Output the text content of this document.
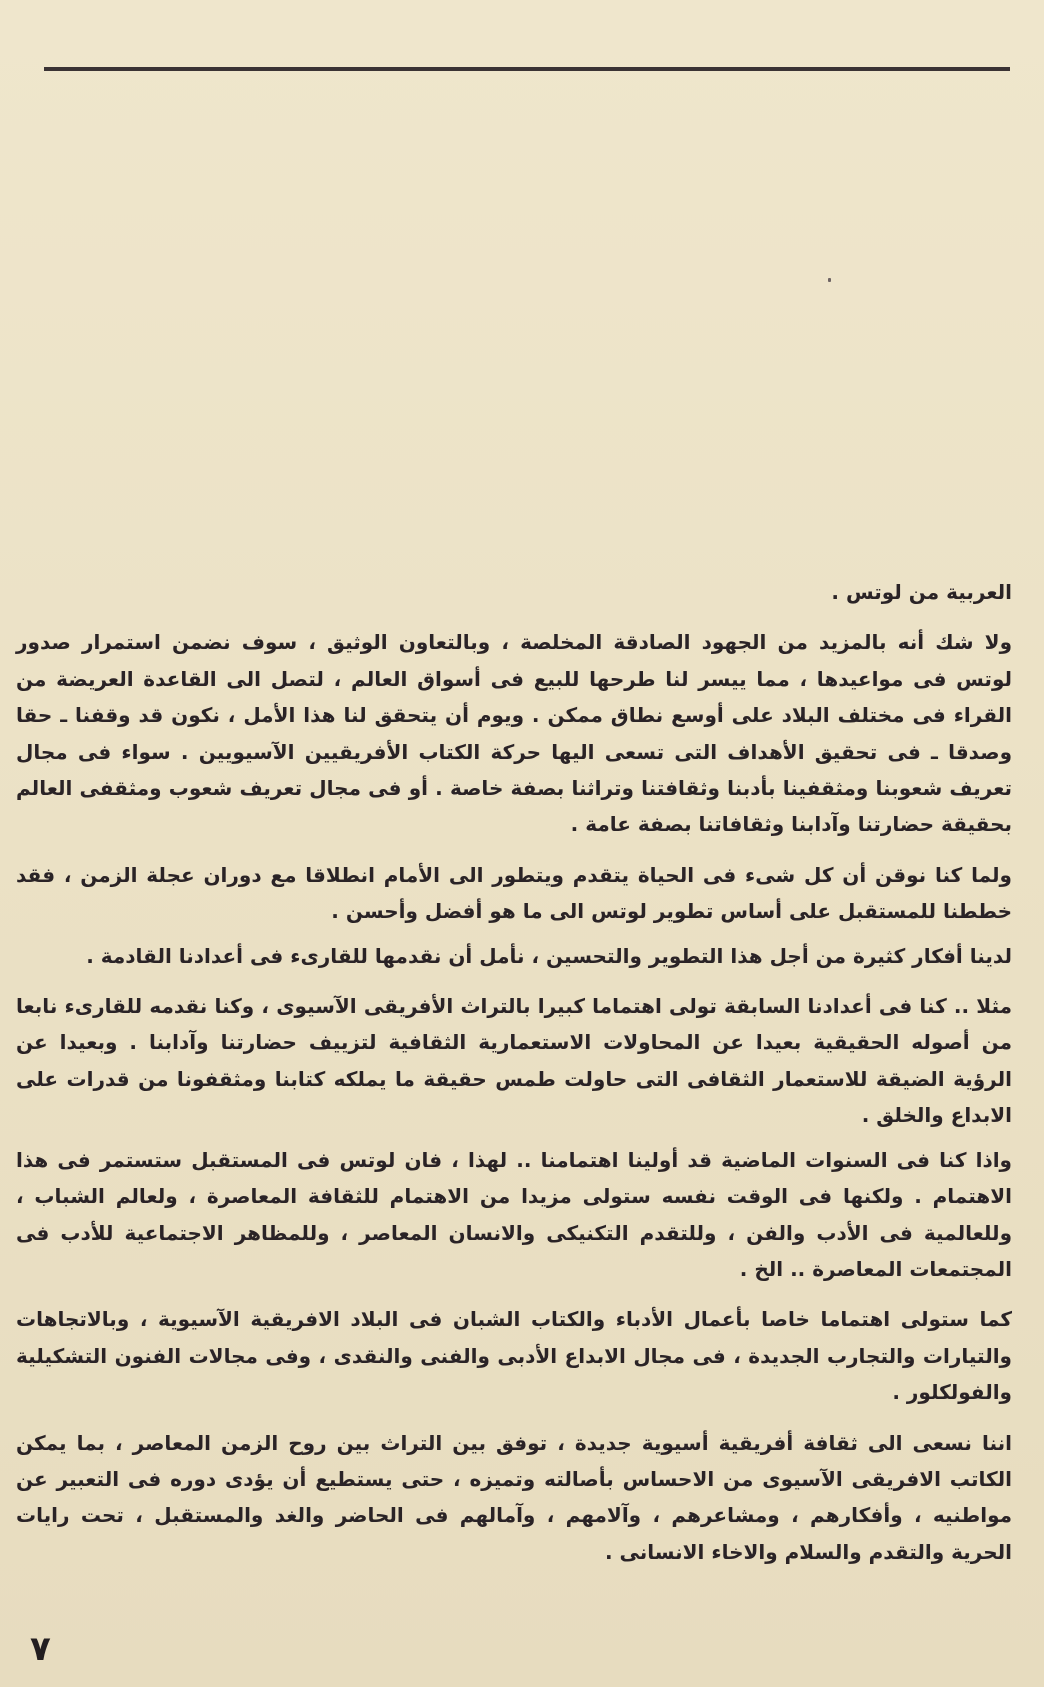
العربية من لوتس .

ولا شك أنه بالمزيد من الجهود الصادقة المخلصة ، وبالتعاون الوثيق ، سوف نضمن استمرار صدور لوتس فى مواعيدها ، مما ييسر لنا طرحها للبيع فى أسواق العالم ، لتصل الى القاعدة العريضة من القراء فى مختلف البلاد على أوسع نطاق ممكن . ويوم أن يتحقق لنا هذا الأمل ، نكون قد وقفنا ـ حقا وصدقا ـ فى تحقيق الأهداف التى تسعى اليها حركة الكتاب الأفريقيين الآسيويين . سواء فى مجال تعريف شعوبنا ومثقفينا بأدبنا وثقافتنا وتراثنا بصفة خاصة . أو فى مجال تعريف شعوب ومثقفى العالم بحقيقة حضارتنا وآدابنا وثقافاتنا بصفة عامة .

ولما كنا نوقن أن كل شىء فى الحياة يتقدم ويتطور الى الأمام انطلاقا مع دوران عجلة الزمن ، فقد خططنا للمستقبل على أساس تطوير لوتس الى ما هو أفضل وأحسن .

لدينا أفكار كثيرة من أجل هذا التطوير والتحسين ، نأمل أن نقدمها للقارىء فى أعدادنا القادمة .

مثلا .. كنا فى أعدادنا السابقة تولى اهتماما كبيرا بالتراث الأفريقى الآسيوى ، وكنا نقدمه للقارىء نابعا من أصوله الحقيقية بعيدا عن المحاولات الاستعمارية الثقافية لتزييف حضارتنا وآدابنا . وبعيدا عن الرؤية الضيقة للاستعمار الثقافى التى حاولت طمس حقيقة ما يملكه كتابنا ومثقفونا من قدرات على الابداع والخلق .

واذا كنا فى السنوات الماضية قد أولينا اهتمامنا .. لهذا ، فان لوتس فى المستقبل ستستمر فى هذا الاهتمام . ولكنها فى الوقت نفسه ستولى مزيدا من الاهتمام للثقافة المعاصرة ، ولعالم الشباب ، وللعالمية فى الأدب والفن ، وللتقدم التكنيكى والانسان المعاصر ، وللمظاهر الاجتماعية للأدب فى المجتمعات المعاصرة .. الخ .

كما ستولى اهتماما خاصا بأعمال الأدباء والكتاب الشبان فى البلاد الافريقية الآسيوية ، وبالاتجاهات والتيارات والتجارب الجديدة ، فى مجال الابداع الأدبى والفنى والنقدى ، وفى مجالات الفنون التشكيلية والفولكلور .

اننا نسعى الى ثقافة أفريقية أسيوية جديدة ، توفق بين التراث بين روح الزمن المعاصر ، بما يمكن الكاتب الافريقى الآسيوى من الاحساس بأصالته وتميزه ، حتى يستطيع أن يؤدى دوره فى التعبير عن مواطنيه ، وأفكارهم ، ومشاعرهم ، وآلامهم ، وآمالهم فى الحاضر والغد والمستقبل ، تحت رايات الحرية والتقدم والسلام والاخاء الانسانى .

٧
